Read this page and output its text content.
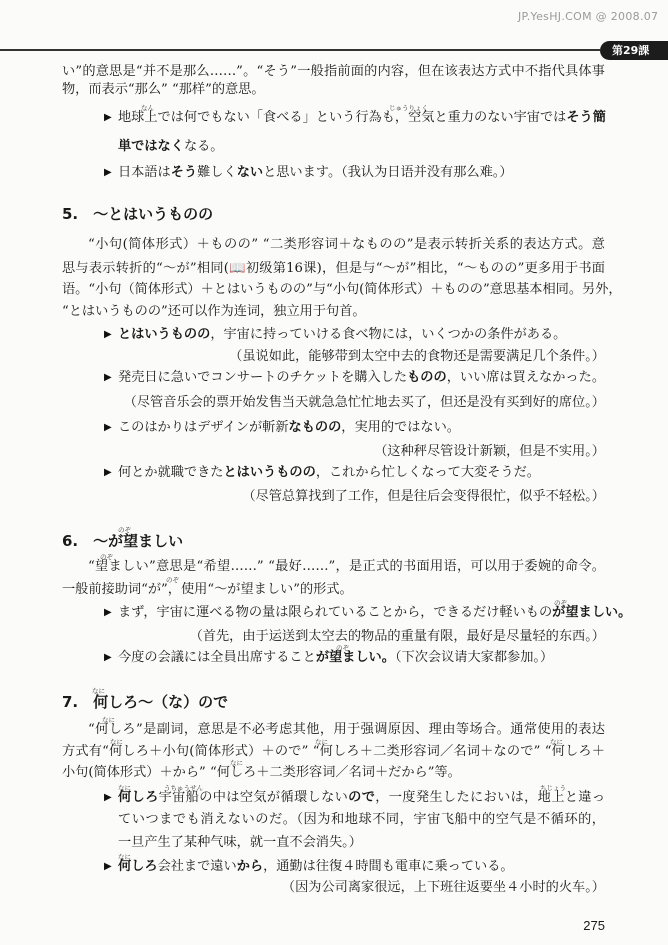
JP.YesHJ.COM @ 2008.07
第29課
い”的意思是“并不是那么……”。“そう”一般指前面的内容，但在该表达方式中不指代具体事
物，而表示“那么” “那样”的意思。
地球上では何でもない「食べる」という行為も，空気と重力のない宇宙ではそう簡
▶
単ではなくなる。
日本語はそう難しくないと思います。（我认为日语并没有那么难。）
▶
5.　～とはいうものの
“小句(简体形式）＋ものの” “二类形容词＋なものの”是表示转折关系的表达方式。意
思与表示转折的“～が”相同(📖初级第16课)，但是与“～が”相比，“～ものの”更多用于书面
语。“小句（简体形式）＋とはいうものの”与“小句(简体形式）＋ものの”意思基本相同。另外，
“とはいうものの”还可以作为连词，独立用于句首。
とはいうものの，宇宙に持っていける食べ物には，いくつかの条件がある。
▶
（虽说如此，能够带到太空中去的食物还是需要满足几个条件。）
発売日に急いでコンサートのチケットを購入したものの，いい席は買えなかった。
▶
（尽管音乐会的票开始发售当天就急急忙忙地去买了，但还是没有买到好的席位。）
このはかりはデザインが斬新なものの，実用的ではない。
▶
（这种秤尽管设计新颖，但是不实用。）
何とか就職できたとはいうものの，これから忙しくなって大変そうだ。
▶
（尽管总算找到了工作，但是往后会变得很忙，似乎不轻松。）
6.　～が望ましい
“望ましい”意思是“希望……” “最好……”，是正式的书面用语，可以用于委婉的命令。
一般前接助词“が”，使用“～が望ましい”的形式。
まず，宇宙に運べる物の量は限られていることから，できるだけ軽いものが望ましい。
▶
（首先，由于运送到太空去的物品的重量有限，最好是尽量轻的东西。）
今度の会議には全員出席することが望ましい。（下次会议请大家都参加。）
▶
7.　何しろ～（な）ので
“何しろ”是副词，意思是不必考虑其他，用于强调原因、理由等场合。通常使用的表达
方式有“何しろ＋小句(简体形式）＋ので” “何しろ＋二类形容词／名词＋なので” “何しろ＋
小句(简体形式）＋から” “何しろ＋二类形容词／名词＋だから”等。
何しろ宇宙船の中は空気が循環しないので，一度発生したにおいは，地上と違っ
▶
ていつまでも消えないのだ。（因为和地球不同，宇宙飞船中的空气是不循环的，
一旦产生了某种气味，就一直不会消失。）
何しろ会社まで遠いから，通勤は往復４時間も電車に乗っている。
▶
（因为公司离家很远，上下班往返要坐４小时的火车。）
なん	じゅうりょく
のぞ
のぞ
のぞ
のぞ
のぞ
なに
なに
なに	なに	なに
なに
なに	うちゅうせん	ちじょう
なに
275
